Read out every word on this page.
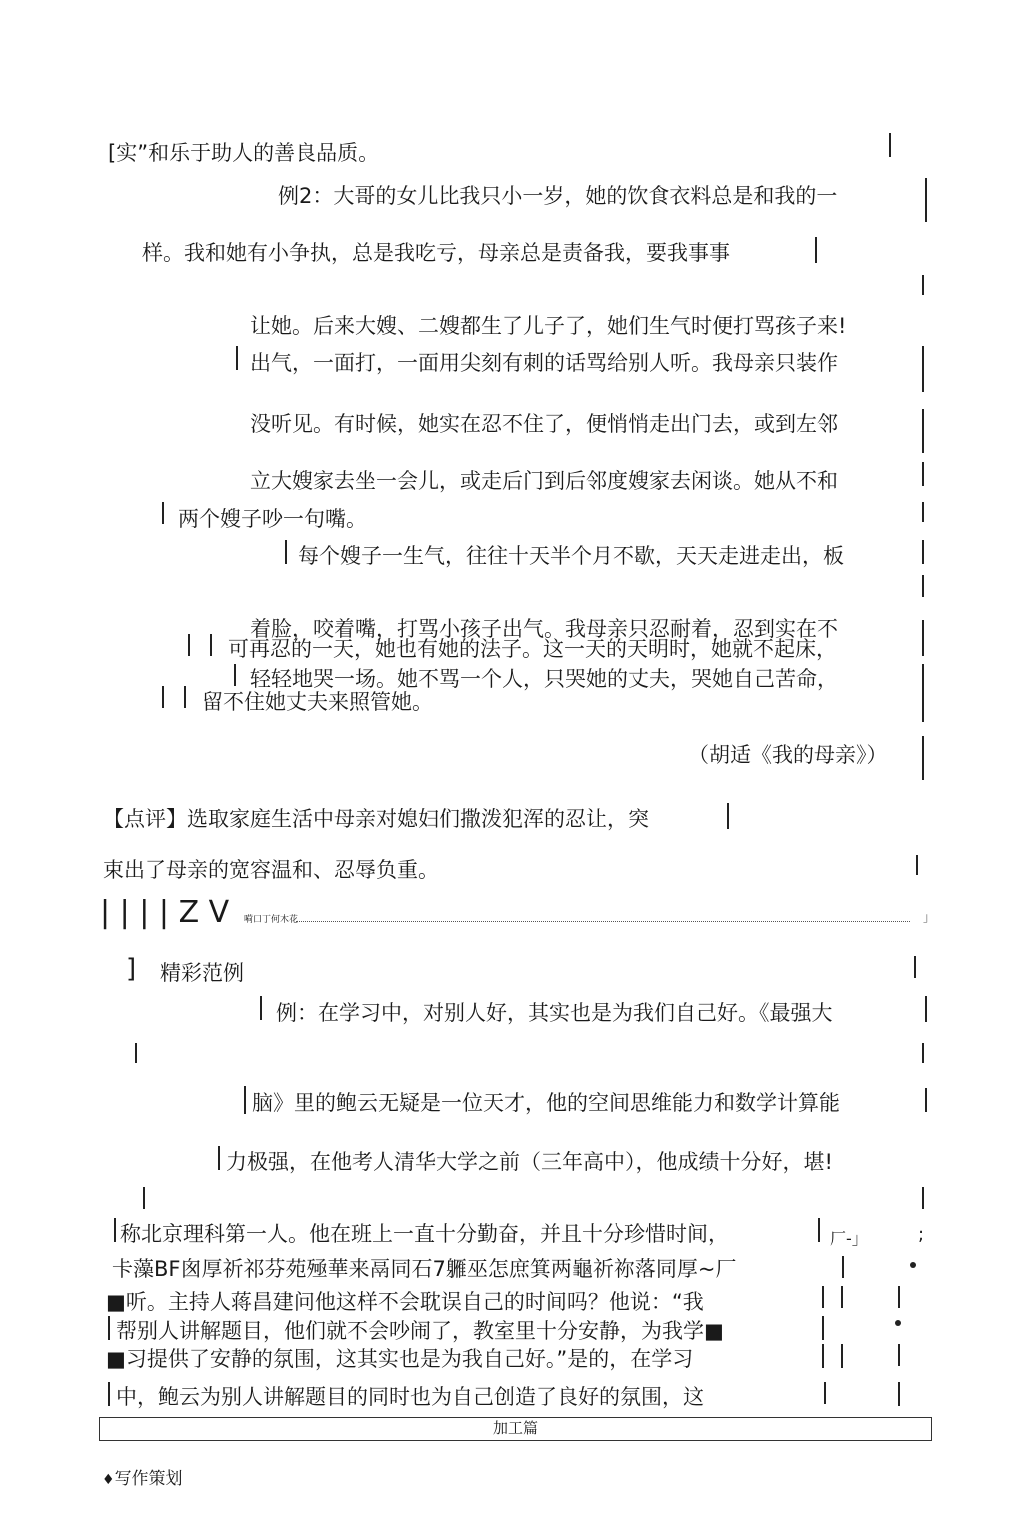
[实”和乐于助人的善良品质。
例2：大哥的女儿比我只小一岁，她的饮食衣料总是和我的一
样。我和她有小争执，总是我吃亏，母亲总是责备我，要我事事
让她。后来大嫂、二嫂都生了儿子了，她们生气时便打骂孩子来!
出气，一面打，一面用尖刻有刺的话骂给别人听。我母亲只装作
没听见。有时候，她实在忍不住了，便悄悄走出门去，或到左邻
立大嫂家去坐一会儿，或走后门到后邻度嫂家去闲谈。她从不和
两个嫂子吵一句嘴。
每个嫂子一生气，往往十天半个月不歇，天天走进走出，板
着脸，咬着嘴，打骂小孩子出气。我母亲只忍耐着，忍到实在不
可再忍的一天，她也有她的法子。这一天的天明时，她就不起床，
轻轻地哭一场。她不骂一个人，只哭她的丈夫，哭她自己苦命，
留不住她丈夫来照管她。
（胡适《我的母亲》）
【点评】选取家庭生活中母亲对媳妇们撒泼犯浑的忍让，突
束出了母亲的宽容温和、忍辱负重。
| | | | Z V 嗬口丁何木花
] 精彩范例
例：在学习中，对别人好，其实也是为我们自己好。《最强大
脑》里的鲍云无疑是一位天才，他的空间思维能力和数学计算能
力极强，在他考人清华大学之前（三年高中），他成绩十分好，堪!
称北京理科第一人。他在班上一直十分勤奋，并且十分珍惜时间，	厂-」
卡藻BF囪厚祈祁芬苑殛華来鬲同石7軅巫怎庶箕两龜祈祢落同厚~厂
■听。主持人蒋昌建问他这样不会耽误自己的时间吗？他说：“我
帮别人讲解题目，他们就不会吵闹了，教室里十分安静，为我学■
■习提供了安静的氛围，这其实也是为我自己好。”是的，在学习
中，鲍云为别人讲解题目的同时也为自己创造了良好的氛围，这
加工篇
♦写作策划
;
」
